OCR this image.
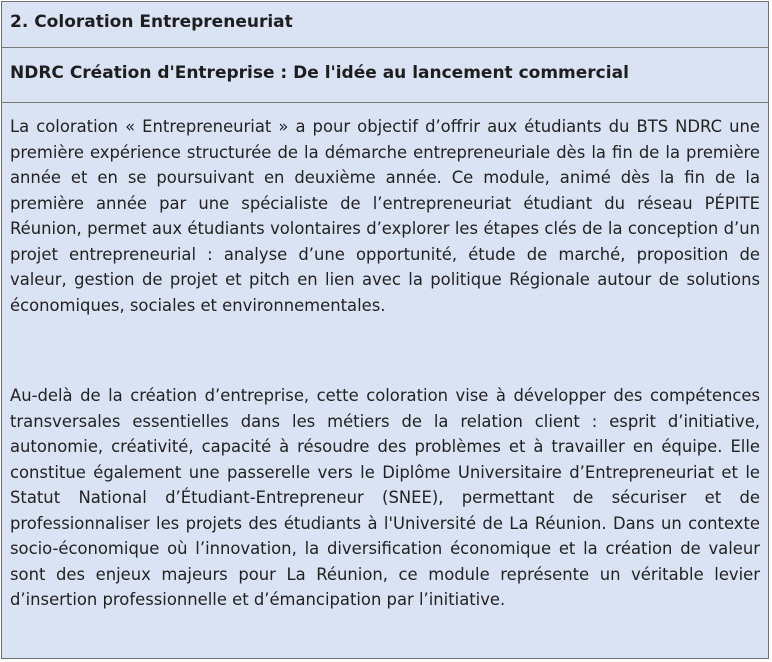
2. Coloration Entrepreneuriat
NDRC Création d'Entreprise : De l'idée au lancement commercial

La coloration « Entrepreneuriat » a pour objectif d’offrir aux étudiants du BTS NDRC une première expérience structurée de la démarche entrepreneuriale dès la fin de la première année et en se poursuivant en deuxième année. Ce module, animé dès la fin de la première année par une spécialiste de l’entrepreneuriat étudiant du réseau PÉPITE Réunion, permet aux étudiants volontaires d’explorer les étapes clés de la conception d’un projet entrepreneurial : analyse d’une opportunité, étude de marché, proposition de valeur, gestion de projet et pitch en lien avec la politique Régionale autour de solutions économiques, sociales et environnementales.

Au-delà de la création d’entreprise, cette coloration vise à développer des compétences transversales essentielles dans les métiers de la relation client : esprit d’initiative, autonomie, créativité, capacité à résoudre des problèmes et à travailler en équipe. Elle constitue également une passerelle vers le Diplôme Universitaire d’Entrepreneuriat et le Statut National d’Étudiant-Entrepreneur (SNEE), permettant de sécuriser et de professionnaliser les projets des étudiants à l'Université de La Réunion. Dans un contexte socio-économique où l’innovation, la diversification économique et la création de valeur sont des enjeux majeurs pour La Réunion, ce module représente un véritable levier d’insertion professionnelle et d’émancipation par l’initiative.
